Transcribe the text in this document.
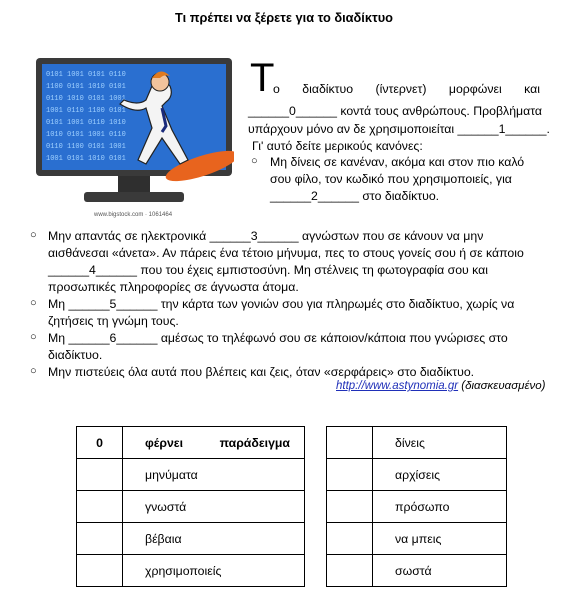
Τι πρέπει να ξέρετε για το διαδίκτυο
0101 1001 0101 0110
1100 0101 1010 0101
0110 1010 0101 1001
1001 0110 1100 0101
0101 1001 0110 1010
1010 0101 1001 0110
0110 1100 0101 1001
1001 0101 1010 0101
www.bigstock.com · 1061464
Τ
ο διαδίκτυο (ίντερνετ) μορφώνει και
______0______ κοντά τους ανθρώπους. Προβλήματα
υπάρχουν μόνο αν δε χρησιμοποιείται ______1______.
Γι' αυτό δείτε μερικούς κανόνες:
○ Μη δίνεις σε κανέναν, ακόμα και στον πιο καλό
σου φίλο, τον κωδικό που χρησιμοποιείς, για
______2______ στο διαδίκτυο.
○ Μην απαντάς σε ηλεκτρονικά ______3______ αγνώστων που σε κάνουν να μην
αισθάνεσαι «άνετα». Αν πάρεις ένα τέτοιο μήνυμα, πες το στους γονείς σου ή σε κάποιο
______4______ που του έχεις εμπιστοσύνη. Μη στέλνεις τη φωτογραφία σου και
προσωπικές πληροφορίες σε άγνωστα άτομα.
○ Μη ______5______ την κάρτα των γονιών σου για πληρωμές στο διαδίκτυο, χωρίς να
ζητήσεις τη γνώμη τους.
○ Μη ______6______ αμέσως το τηλέφωνό σου σε κάποιον/κάποια που γνώρισες στο
διαδίκτυο.
○ Μην πιστεύεις όλα αυτά που βλέπεις και ζεις, όταν «σερφάρεις» στο διαδίκτυο.
http://www.astynomia.gr (διασκευασμένο)
0	φέρνει παράδειγμα

	μηνύματα
	γνωστά
	βέβαια
	χρησιμοποιείς
	δίνεις
	αρχίσεις
	πρόσωπο
	να μπεις
	σωστά
